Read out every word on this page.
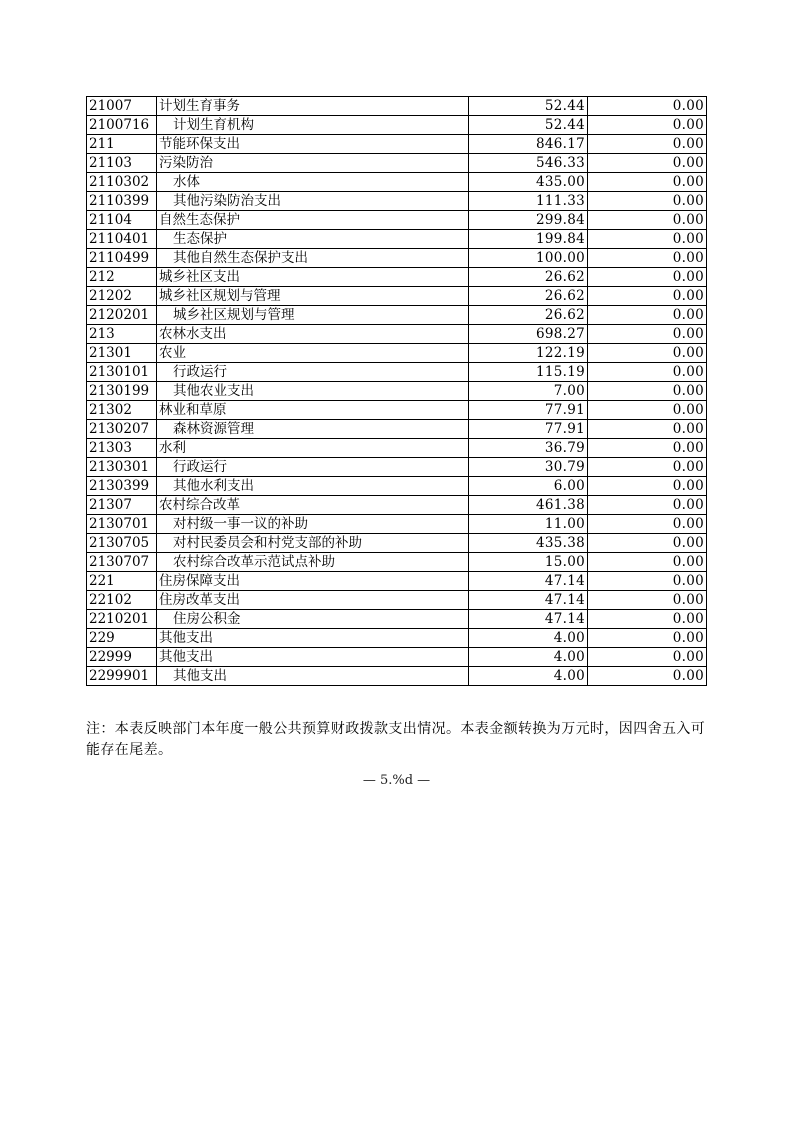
21007	计划生育事务	52.44	0.00
2100716	计划生育机构	52.44	0.00
211	节能环保支出	846.17	0.00
21103	污染防治	546.33	0.00
2110302	水体	435.00	0.00
2110399	其他污染防治支出	111.33	0.00
21104	自然生态保护	299.84	0.00
2110401	生态保护	199.84	0.00
2110499	其他自然生态保护支出	100.00	0.00
212	城乡社区支出	26.62	0.00
21202	城乡社区规划与管理	26.62	0.00
2120201	城乡社区规划与管理	26.62	0.00
213	农林水支出	698.27	0.00
21301	农业	122.19	0.00
2130101	行政运行	115.19	0.00
2130199	其他农业支出	7.00	0.00
21302	林业和草原	77.91	0.00
2130207	森林资源管理	77.91	0.00
21303	水利	36.79	0.00
2130301	行政运行	30.79	0.00
2130399	其他水利支出	6.00	0.00
21307	农村综合改革	461.38	0.00
2130701	对村级一事一议的补助	11.00	0.00
2130705	对村民委员会和村党支部的补助	435.38	0.00
2130707	农村综合改革示范试点补助	15.00	0.00
221	住房保障支出	47.14	0.00
22102	住房改革支出	47.14	0.00
2210201	住房公积金	47.14	0.00
229	其他支出	4.00	0.00
22999	其他支出	4.00	0.00
2299901	其他支出	4.00	0.00
注：本表反映部门本年度一般公共预算财政拨款支出情况。本表金额转换为万元时，因四舍五入可能存在尾差。
— 5.%d —
